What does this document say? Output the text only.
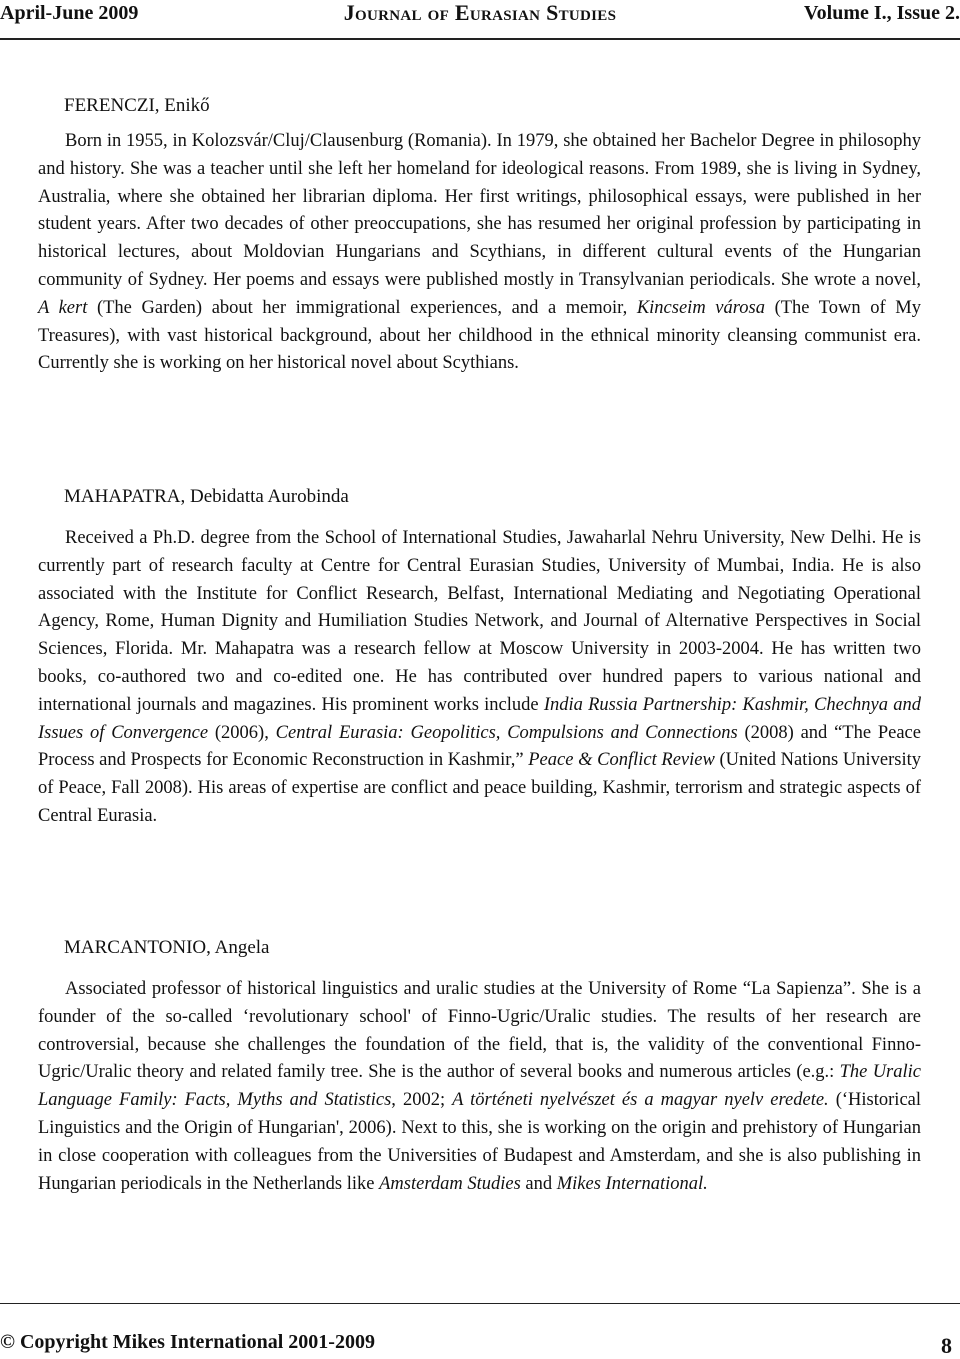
April-June 2009	Journal of Eurasian Studies	Volume I., Issue 2.
FERENCZI, Enikő
Born in 1955, in Kolozsvár/Cluj/Clausenburg (Romania). In 1979, she obtained her Bachelor Degree in philosophy and history. She was a teacher until she left her homeland for ideological reasons. From 1989, she is living in Sydney, Australia, where she obtained her librarian diploma. Her first writings, philosophical essays, were published in her student years. After two decades of other preoccupations, she has resumed her original profession by participating in historical lectures, about Moldovian Hungarians and Scythians, in different cultural events of the Hungarian community of Sydney. Her poems and essays were published mostly in Transylvanian periodicals. She wrote a novel, A kert (The Garden) about her immigrational experiences, and a memoir, Kincseim városa (The Town of My Treasures), with vast historical background, about her childhood in the ethnical minority cleansing communist era. Currently she is working on her historical novel about Scythians.
MAHAPATRA, Debidatta Aurobinda
Received a Ph.D. degree from the School of International Studies, Jawaharlal Nehru University, New Delhi. He is currently part of research faculty at Centre for Central Eurasian Studies, University of Mumbai, India. He is also associated with the Institute for Conflict Research, Belfast, International Mediating and Negotiating Operational Agency, Rome, Human Dignity and Humiliation Studies Network, and Journal of Alternative Perspectives in Social Sciences, Florida. Mr. Mahapatra was a research fellow at Moscow University in 2003-2004. He has written two books, co-authored two and co-edited one. He has contributed over hundred papers to various national and international journals and magazines. His prominent works include India Russia Partnership: Kashmir, Chechnya and Issues of Convergence (2006), Central Eurasia: Geopolitics, Compulsions and Connections (2008) and “The Peace Process and Prospects for Economic Reconstruction in Kashmir,” Peace & Conflict Review (United Nations University of Peace, Fall 2008). His areas of expertise are conflict and peace building, Kashmir, terrorism and strategic aspects of Central Eurasia.
MARCANTONIO, Angela
Associated professor of historical linguistics and uralic studies at the University of Rome “La Sapienza”. She is a founder of the so-called ‘revolutionary school' of Finno-Ugric/Uralic studies. The results of her research are controversial, because she challenges the foundation of the field, that is, the validity of the conventional Finno-Ugric/Uralic theory and related family tree. She is the author of several books and numerous articles (e.g.: The Uralic Language Family: Facts, Myths and Statistics, 2002; A történeti nyelvészet és a magyar nyelv eredete. (‘Historical Linguistics and the Origin of Hungarian', 2006). Next to this, she is working on the origin and prehistory of Hungarian in close cooperation with colleagues from the Universities of Budapest and Amsterdam, and she is also publishing in Hungarian periodicals in the Netherlands like Amsterdam Studies and Mikes International.
© Copyright Mikes International 2001-2009	8
